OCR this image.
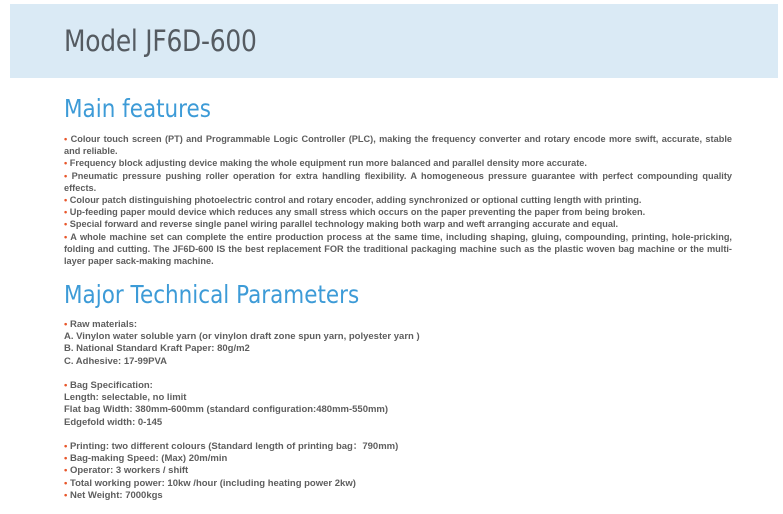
Model JF6D-600
Main features
• Colour touch screen (PT) and Programmable Logic Controller (PLC), making the frequency converter and rotary encode more swift, accurate, stable and reliable.
• Frequency block adjusting device making the whole equipment run more balanced and parallel density more accurate.
• Pneumatic pressure pushing roller operation for extra handling flexibility. A homogeneous pressure guarantee with perfect compounding quality effects.
• Colour patch distinguishing photoelectric control and rotary encoder, adding synchronized or optional cutting length with printing.
• Up-feeding paper mould device which reduces any small stress which occurs on the paper preventing the paper from being broken.
• Special forward and reverse single panel wiring parallel technology making both warp and weft arranging accurate and equal.
• A whole machine set can complete the entire production process at the same time, including shaping, gluing, compounding, printing, hole-pricking, folding and cutting. The JF6D-600 IS the best replacement FOR the traditional packaging machine such as the plastic woven bag machine or the multi-layer paper sack-making machine.
Major Technical Parameters
• Raw materials:
A. Vinylon water soluble yarn (or vinylon draft zone spun yarn, polyester yarn )
B. National Standard Kraft Paper: 80g/m2
C. Adhesive: 17-99PVA
• Bag Specification:
Length: selectable, no limit
Flat bag Width: 380mm-600mm (standard configuration:480mm-550mm)
Edgefold width: 0-145
• Printing: two different colours (Standard length of printing bag：790mm)
• Bag-making Speed: (Max) 20m/min
• Operator: 3 workers / shift
• Total working power: 10kw /hour (including heating power 2kw)
• Net Weight: 7000kgs
